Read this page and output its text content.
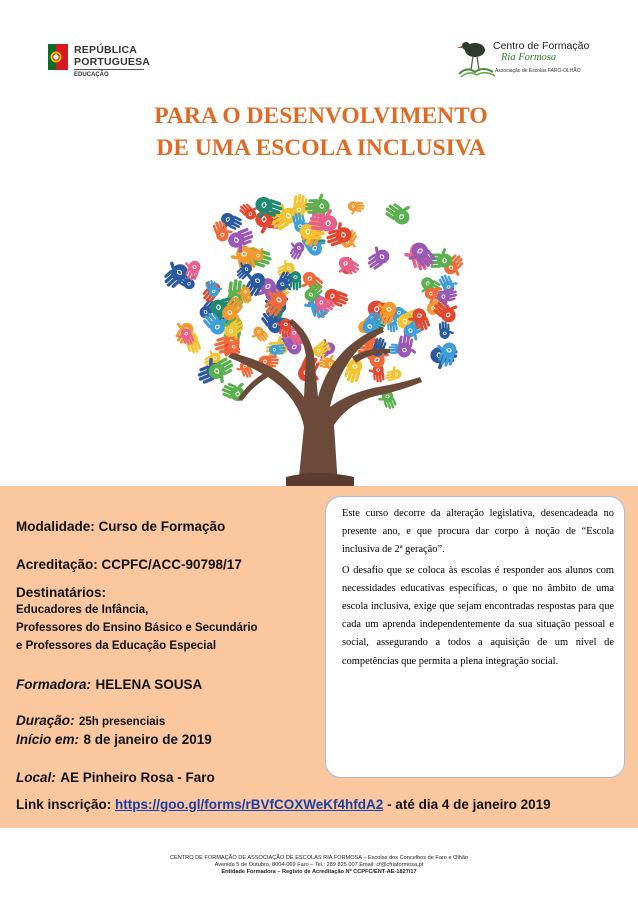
REPÚBLICA
PORTUGUESA
EDUCAÇÃO
Centro de Formação
Ria Formosa
Associação de Escolas FARO-OLHÃO
PARA O DESENVOLVIMENTO
DE UMA ESCOLA INCLUSIVA
Modalidade: Curso de Formação
Acreditação: CCPFC/ACC-90798/17
Destinatários:
Educadores de Infância,
Professores do Ensino Básico e Secundário
e Professores da Educação Especial
Formadora: HELENA SOUSA
Duração: 25h presenciais
Início em: 8 de janeiro de 2019
Local: AE Pinheiro Rosa - Faro
Link inscrição: https://goo.gl/forms/rBVfCOXWeKf4hfdA2 - até dia 4 de janeiro 2019

Este curso decorre da alteração legislativa, desencadeada no presente ano, e que procura dar corpo à noção de “Escola inclusiva de 2ª geração”.

O desafio que se coloca às escolas é responder aos alunos com necessidades educativas específicas, o que no âmbito de uma escola inclusiva, exige que sejam encontradas respostas para que cada um aprenda independentemente da sua situação pessoal e social, assegurando a todos a aquisição de um nível de competências que permita a plena integração social.

CENTRO DE FORMAÇÃO DE ASSOCIAÇÃO DE ESCOLAS RIA FORMOSA – Escolas dos Concelhos de Faro e Olhão
Avenida 5 de Outubro, 8004-069 Faro – Tel.: 289 825 007 Email: cf@cfriaformosa.pt
Entidade Formadora – Registo de Acreditação Nº CCPFC/ENT-AE-1827/17
